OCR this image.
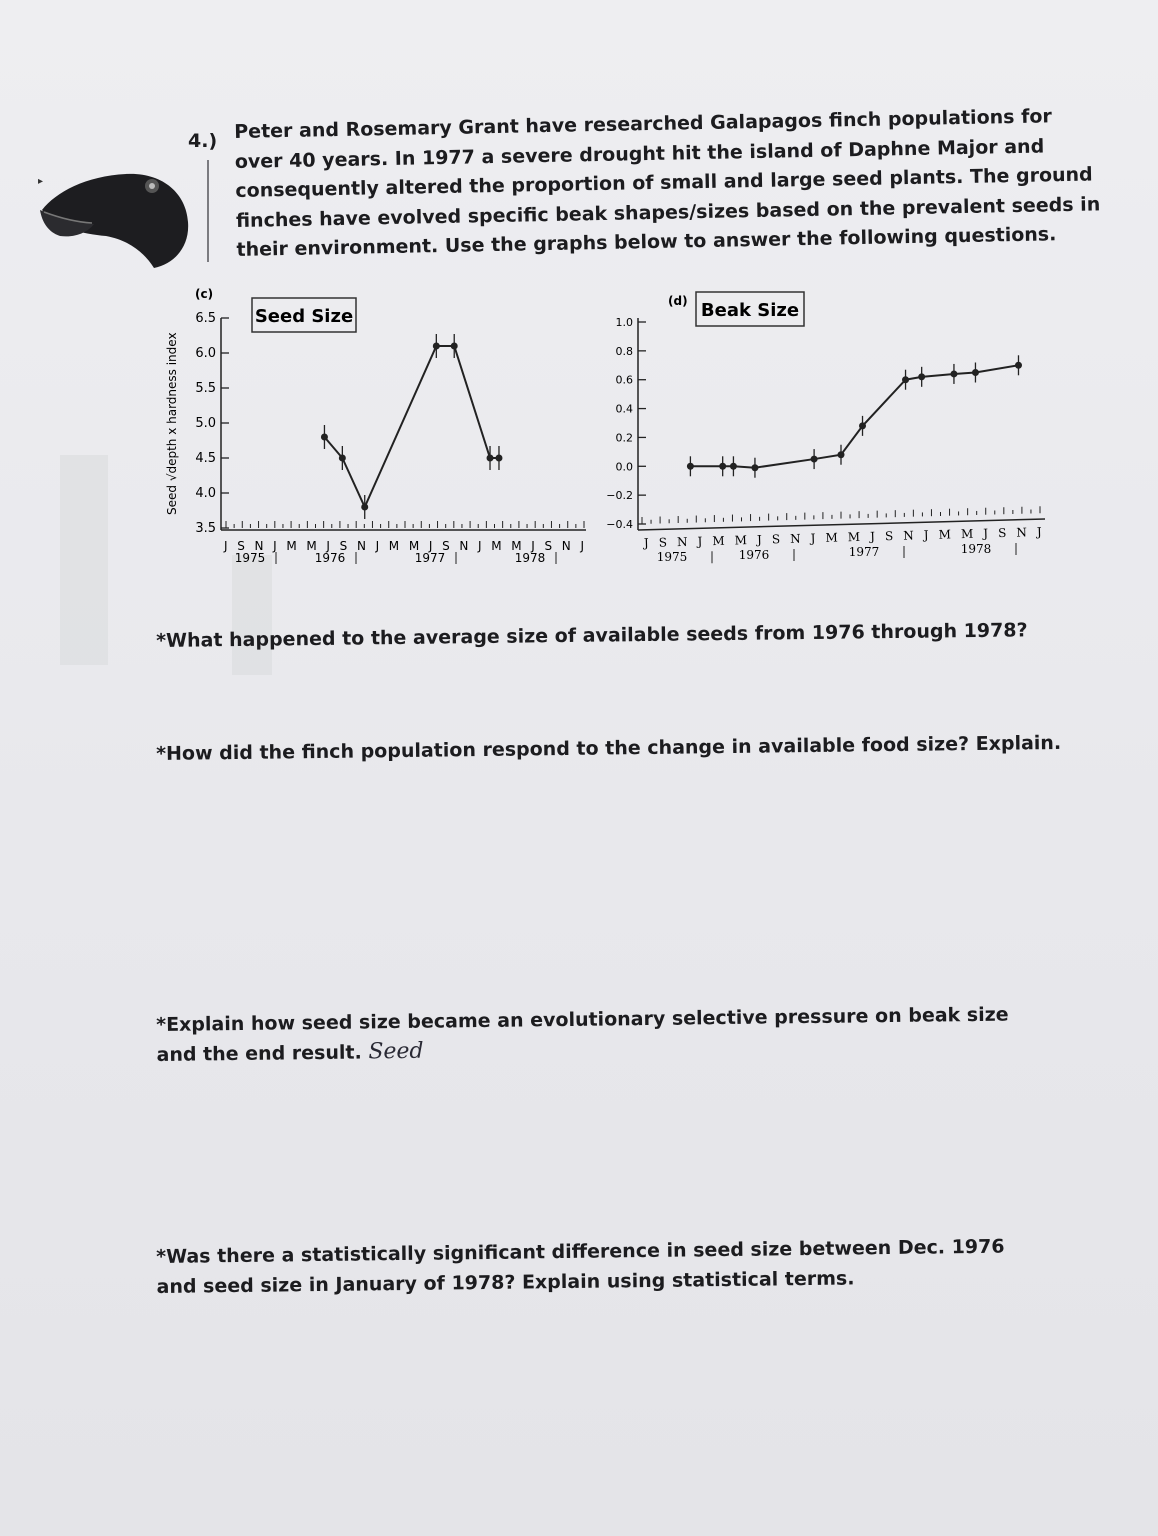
▸
4.) Peter and Rosemary Grant have researched Galapagos finch populations for
over 40 years. In 1977 a severe drought hit the island of Daphne Major and
consequently altered the proportion of small and large seed plants. The ground
finches have evolved specific beak shapes/sizes based on the prevalent seeds in
their environment. Use the graphs below to answer the following questions.
(c)
Seed Size
Seed √depth x hardness index
6.5
6.0
5.5
5.0
4.5
4.0
3.5
J S N J M M J S N J M M J S N J M M J S N J
1975	1976	1977	1978
(d) Beak Size
1.0
0.8
0.6
0.4
0.2
0.0
−0.2
−0.4
J S N J M M J S N J M M J S N J M M J S N J
1975	1976	1977	1978
*What happened to the average size of available seeds from 1976 through 1978?
*How did the finch population respond to the change in available food size? Explain.
*Explain how seed size became an evolutionary selective pressure on beak size and the end result. Seed
*Was there a statistically significant difference in seed size between Dec. 1976 and seed size in January of 1978? Explain using statistical terms.
